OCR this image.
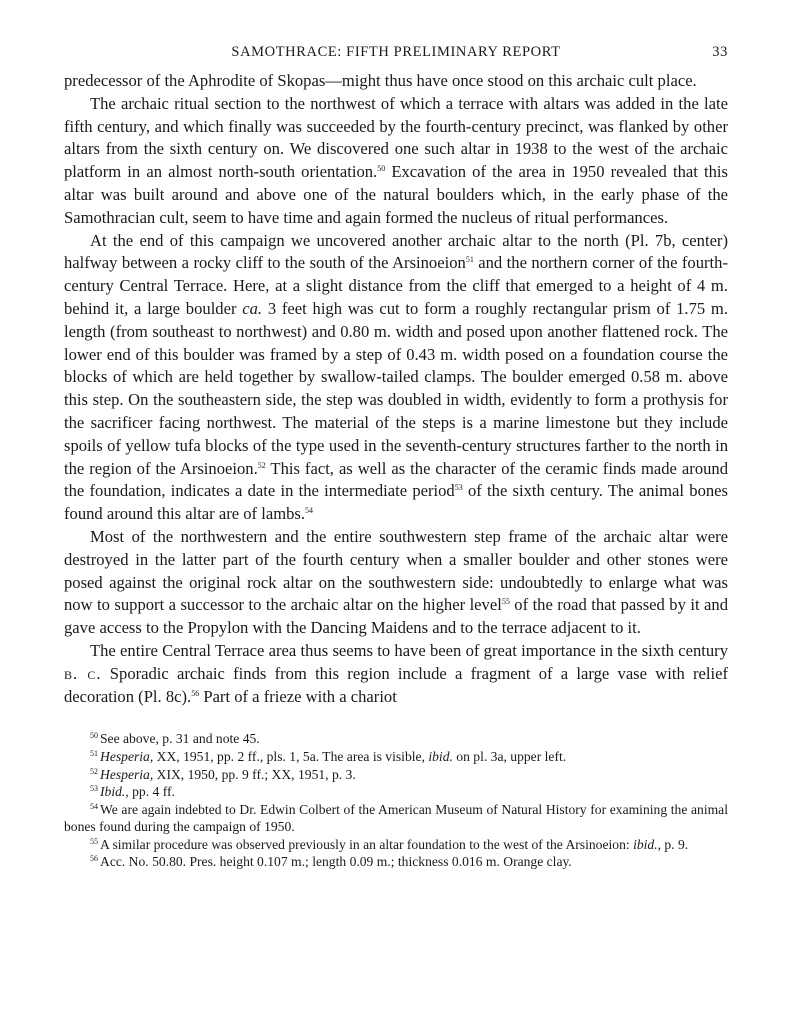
SAMOTHRACE: FIFTH PRELIMINARY REPORT	33

predecessor of the Aphrodite of Skopas—might thus have once stood on this archaic cult place.

The archaic ritual section to the northwest of which a terrace with altars was added in the late fifth century, and which finally was succeeded by the fourth-century precinct, was flanked by other altars from the sixth century on. We discovered one such altar in 1938 to the west of the archaic platform in an almost north-south orientation.$^{50}$ Excavation of the area in 1950 revealed that this altar was built around and above one of the natural boulders which, in the early phase of the Samothracian cult, seem to have time and again formed the nucleus of ritual performances.

At the end of this campaign we uncovered another archaic altar to the north (Pl. 7b, center) halfway between a rocky cliff to the south of the Arsinoeion$^{51}$ and the northern corner of the fourth-century Central Terrace. Here, at a slight distance from the cliff that emerged to a height of 4 m. behind it, a large boulder ca. 3 feet high was cut to form a roughly rectangular prism of 1.75 m. length (from southeast to northwest) and 0.80 m. width and posed upon another flattened rock. The lower end of this boulder was framed by a step of 0.43 m. width posed on a foundation course the blocks of which are held together by swallow-tailed clamps. The boulder emerged 0.58 m. above this step. On the southeastern side, the step was doubled in width, evidently to form a prothysis for the sacrificer facing northwest. The material of the steps is a marine limestone but they include spoils of yellow tufa blocks of the type used in the seventh-century structures farther to the north in the region of the Arsinoeion.$^{52}$ This fact, as well as the character of the ceramic finds made around the foundation, indicates a date in the intermediate period$^{53}$ of the sixth century. The animal bones found around this altar are of lambs.$^{54}$

Most of the northwestern and the entire southwestern step frame of the archaic altar were destroyed in the latter part of the fourth century when a smaller boulder and other stones were posed against the original rock altar on the southwestern side: undoubtedly to enlarge what was now to support a successor to the archaic altar on the higher level$^{55}$ of the road that passed by it and gave access to the Propylon with the Dancing Maidens and to the terrace adjacent to it.

The entire Central Terrace area thus seems to have been of great importance in the sixth century b. c. Sporadic archaic finds from this region include a fragment of a large vase with relief decoration (Pl. 8c).$^{56}$ Part of a frieze with a chariot

$^{50}$ See above, p. 31 and note 45.

$^{51}$ Hesperia, XX, 1951, pp. 2 ff., pls. 1, 5a. The area is visible, ibid. on pl. 3a, upper left.

$^{52}$ Hesperia, XIX, 1950, pp. 9 ff.; XX, 1951, p. 3.

$^{53}$ Ibid., pp. 4 ff.

$^{54}$ We are again indebted to Dr. Edwin Colbert of the American Museum of Natural History for examining the animal bones found during the campaign of 1950.

$^{55}$ A similar procedure was observed previously in an altar foundation to the west of the Arsinoeion: ibid., p. 9.

$^{56}$ Acc. No. 50.80. Pres. height 0.107 m.; length 0.09 m.; thickness 0.016 m. Orange clay.
